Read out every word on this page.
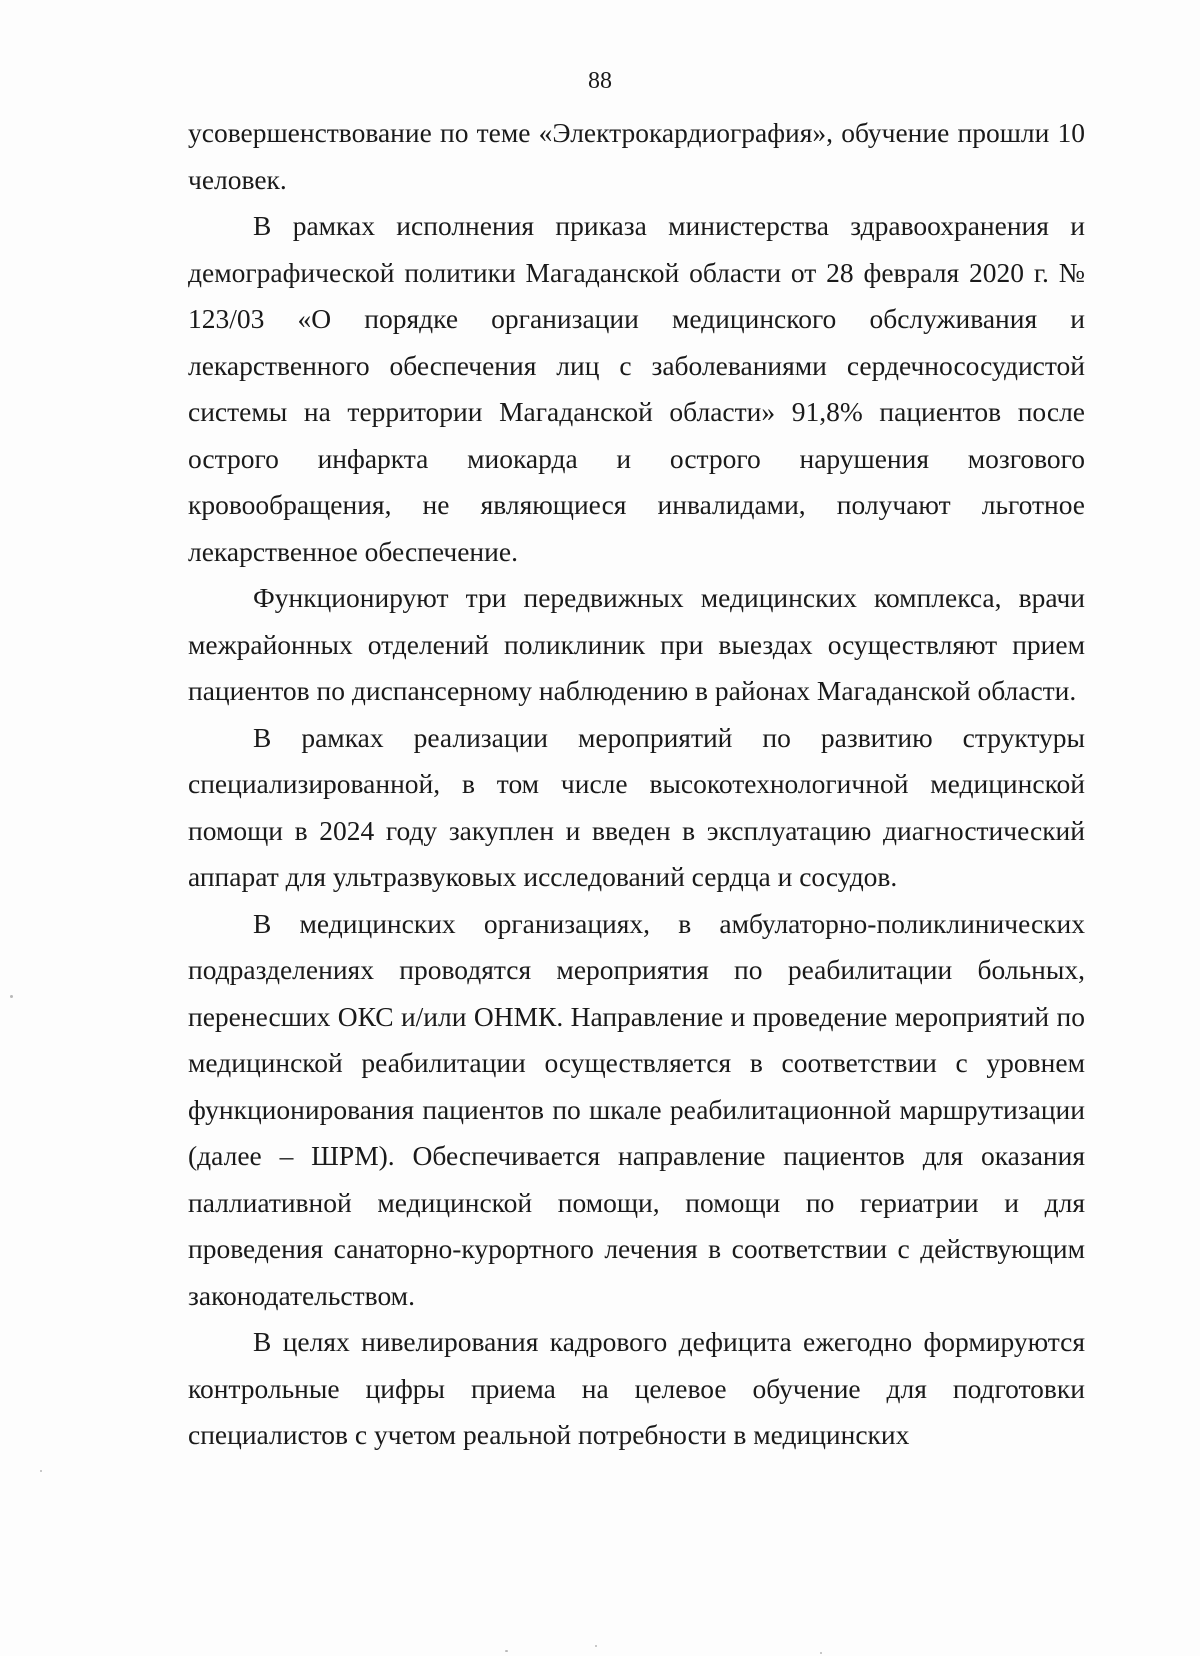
88

усовершенствование по теме «Электрокардиография», обучение прошли 10 человек.

В рамках исполнения приказа министерства здравоохранения и демографической политики Магаданской области от 28 февраля 2020 г. № 123/03 «О порядке организации медицинского обслуживания и лекарственного обеспечения лиц с заболеваниями сердечнососудистой системы на территории Магаданской области» 91,8% пациентов после острого инфаркта миокарда и острого нарушения мозгового кровообращения, не являющиеся инвалидами, получают льготное лекарственное обеспечение.

Функционируют три передвижных медицинских комплекса, врачи межрайонных отделений поликлиник при выездах осуществляют прием пациентов по диспансерному наблюдению в районах Магаданской области.

В рамках реализации мероприятий по развитию структуры специализированной, в том числе высокотехнологичной медицинской помощи в 2024 году закуплен и введен в эксплуатацию диагностический аппарат для ультразвуковых исследований сердца и сосудов.

В медицинских организациях, в амбулаторно-поликлинических подразделениях проводятся мероприятия по реабилитации больных, перенесших ОКС и/или ОНМК. Направление и проведение мероприятий по медицинской реабилитации осуществляется в соответствии с уровнем функционирования пациентов по шкале реабилитационной маршрутизации (далее – ШРМ). Обеспечивается направление пациентов для оказания паллиативной медицинской помощи, помощи по гериатрии и для проведения санаторно-курортного лечения в соответствии с действующим законодательством.

В целях нивелирования кадрового дефицита ежегодно формируются контрольные цифры приема на целевое обучение для подготовки специалистов с учетом реальной потребности в медицинских
